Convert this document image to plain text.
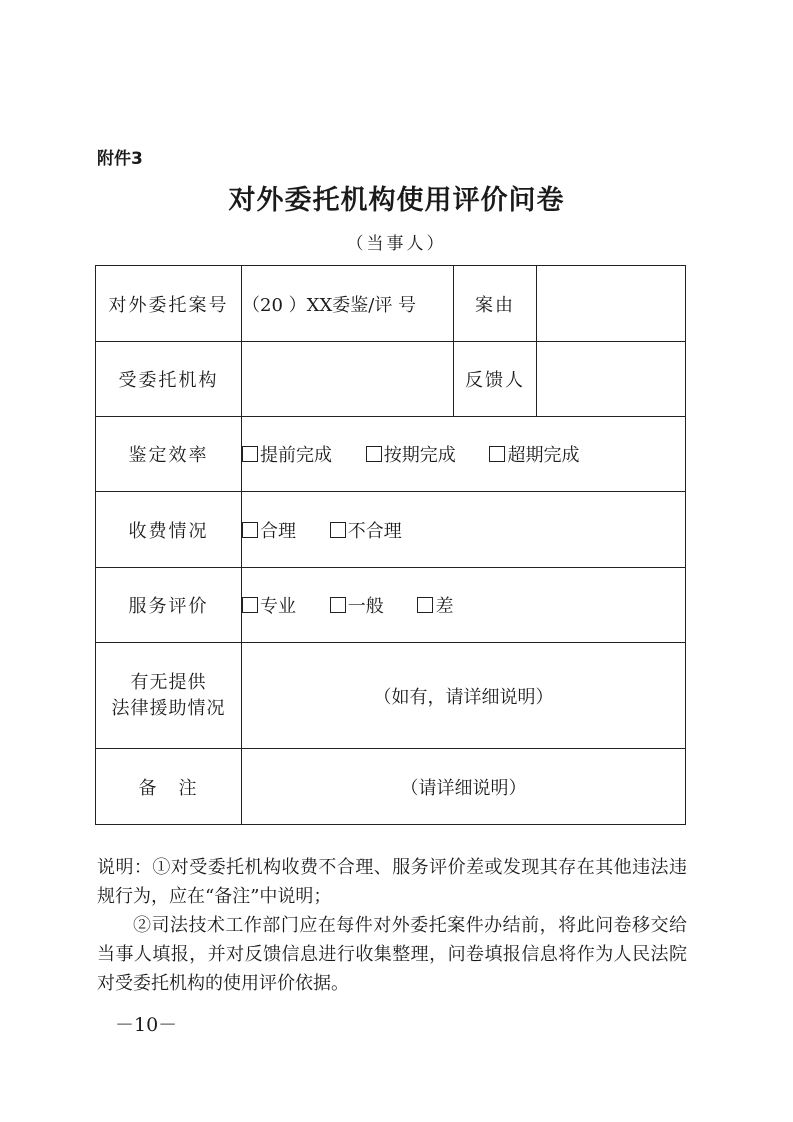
附件3
对外委托机构使用评价问卷
（当事人）
对外委托案号	（20 ）XX委鉴/评 号	案由	
受委托机构		反馈人	
鉴定效率	提前完成 按期完成 超期完成		
收费情况	合理 不合理		
服务评价	专业 一般 差		

有无提供
法律援助情况	（如有，请详细说明）		
备　注	（请详细说明）		

说明：①对受委托机构收费不合理、服务评价差或发现其存在其他违法违规行为，应在“备注”中说明；

②司法技术工作部门应在每件对外委托案件办结前，将此问卷移交给当事人填报，并对反馈信息进行收集整理，问卷填报信息将作为人民法院对受委托机构的使用评价依据。

－10－
